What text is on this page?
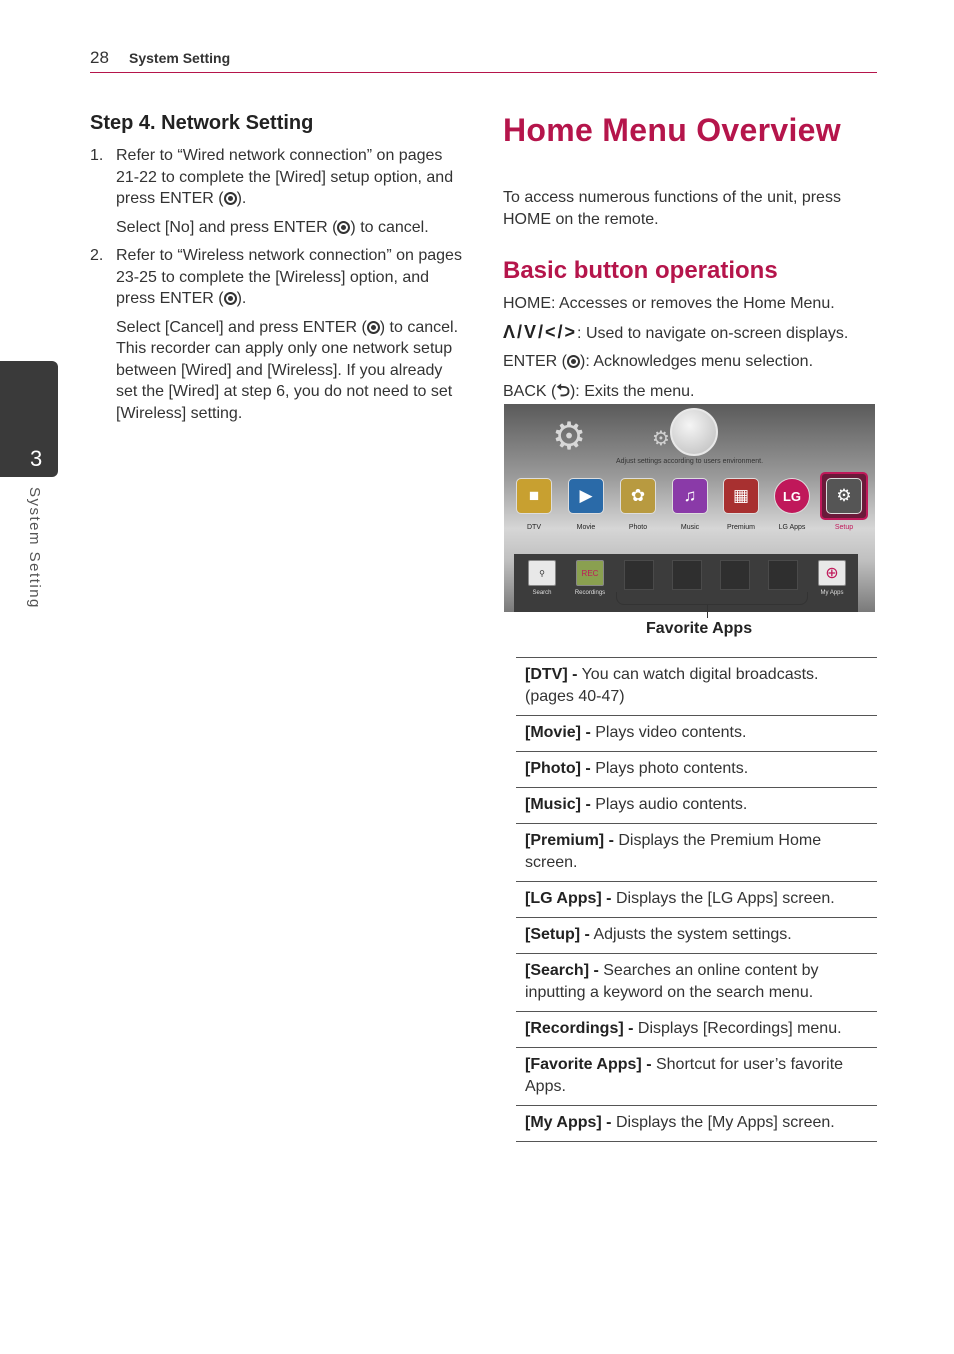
28 System Setting
3
System Setting
Step 4. Network Setting
1. Refer to “Wired network connection” on pages 21-22 to complete the [Wired] setup option, and press ENTER ( ).

Select [No] and press ENTER ( ) to cancel.

2. Refer to “Wireless network connection” on pages 23-25 to complete the [Wireless] option, and press ENTER ( ).

Select [Cancel] and press ENTER ( ) to cancel. This recorder can apply only one network setup between [Wired] and [Wireless]. If you already set the [Wired] at step 6, you do not need to set [Wireless] setting.

Home Menu Overview

To access numerous functions of the unit, press HOME on the remote.

Basic button operations

HOME: Accesses or removes the Home Menu.

Λ/V/</>: Used to navigate on-screen displays.

ENTER ( ): Acknowledges menu selection.

BACK (⮌): Exits the menu.

⚙	⚙
Adjust settings according to users environment.
■
DTV
▶
Movie
✿
Photo
♫
Music
▦
Premium
LG
LG Apps
⚙
Setup
⚲
Search
REC
Recordings
⊕
My Apps
Favorite Apps
[DTV] - You can watch digital broadcasts. (pages 40-47)
[Movie] - Plays video contents.
[Photo] - Plays photo contents.
[Music] - Plays audio contents.
[Premium] - Displays the Premium Home screen.
[LG Apps] - Displays the [LG Apps] screen.
[Setup] - Adjusts the system settings.
[Search] - Searches an online content by inputting a keyword on the search menu.
[Recordings] - Displays [Recordings] menu.
[Favorite Apps] - Shortcut for user’s favorite Apps.
[My Apps] - Displays the [My Apps] screen.
